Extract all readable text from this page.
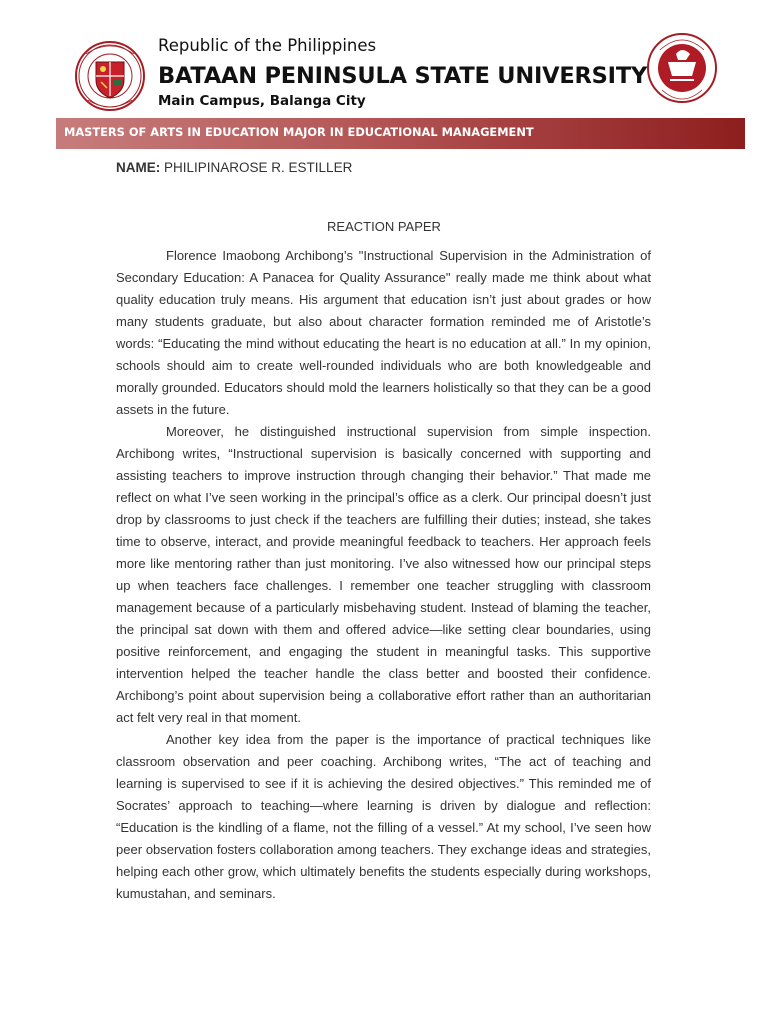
Republic of the Philippines
BATAAN PENINSULA STATE UNIVERSITY
Main Campus, Balanga City
MASTERS OF ARTS IN EDUCATION MAJOR IN EDUCATIONAL MANAGEMENT
NAME: PHILIPINAROSE R. ESTILLER
REACTION PAPER

Florence Imaobong Archibong’s "Instructional Supervision in the Administration of Secondary Education: A Panacea for Quality Assurance" really made me think about what quality education truly means. His argument that education isn’t just about grades or how many students graduate, but also about character formation reminded me of Aristotle’s words: “Educating the mind without educating the heart is no education at all.” In my opinion, schools should aim to create well-rounded individuals who are both knowledgeable and morally grounded. Educators should mold the learners holistically so that they can be a good assets in the future.

Moreover, he distinguished instructional supervision from simple inspection. Archibong writes, “Instructional supervision is basically concerned with supporting and assisting teachers to improve instruction through changing their behavior.” That made me reflect on what I’ve seen working in the principal’s office as a clerk. Our principal doesn’t just drop by classrooms to just check if the teachers are fulfilling their duties; instead, she takes time to observe, interact, and provide meaningful feedback to teachers. Her approach feels more like mentoring rather than just monitoring. I’ve also witnessed how our principal steps up when teachers face challenges. I remember one teacher struggling with classroom management because of a particularly misbehaving student. Instead of blaming the teacher, the principal sat down with them and offered advice—like setting clear boundaries, using positive reinforcement, and engaging the student in meaningful tasks. This supportive intervention helped the teacher handle the class better and boosted their confidence. Archibong’s point about supervision being a collaborative effort rather than an authoritarian act felt very real in that moment.

Another key idea from the paper is the importance of practical techniques like classroom observation and peer coaching. Archibong writes, “The act of teaching and learning is supervised to see if it is achieving the desired objectives.” This reminded me of Socrates’ approach to teaching—where learning is driven by dialogue and reflection: “Education is the kindling of a flame, not the filling of a vessel.” At my school, I’ve seen how peer observation fosters collaboration among teachers. They exchange ideas and strategies, helping each other grow, which ultimately benefits the students especially during workshops, kumustahan, and seminars.
